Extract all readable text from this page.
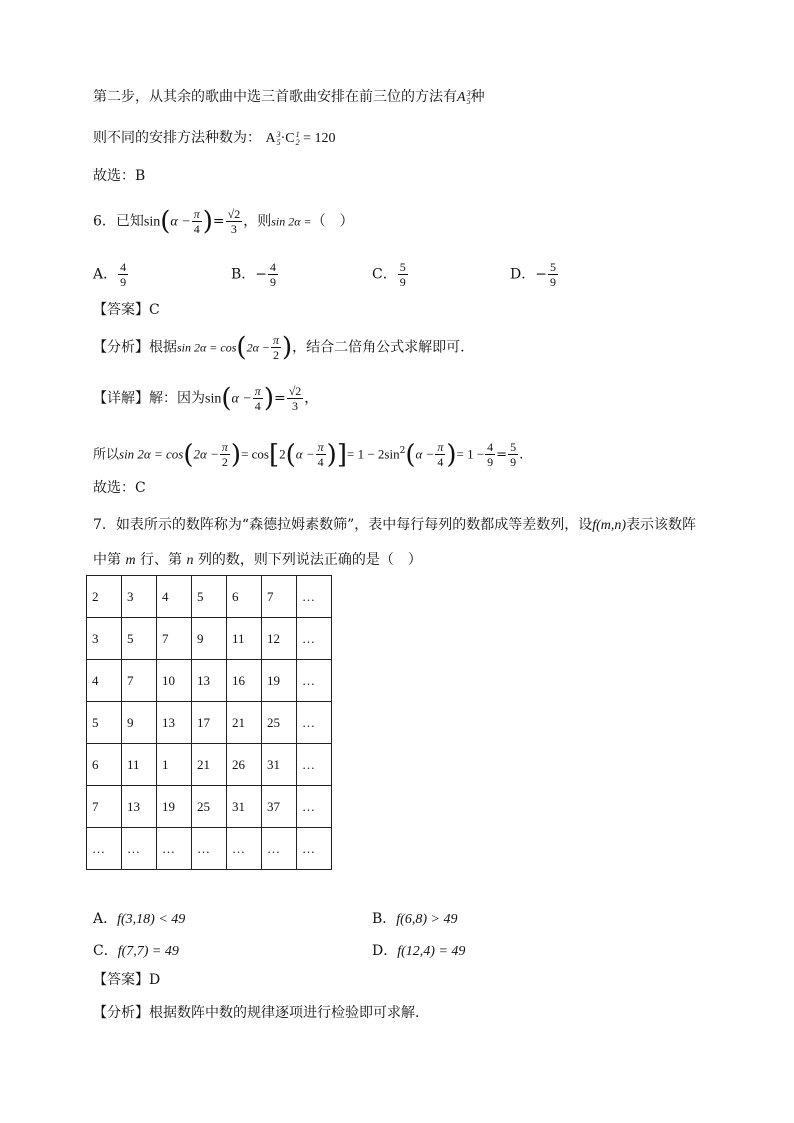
第二步，从其余的歌曲中选三首歌曲安排在前三位的方法有A 3
5 种
则不同的安排方法种数为： A 3
5 ·C 1
2 = 120
故选：B
6．已知$\sin(\alpha - \frac{\pi}{4}$ )= $\frac{√2}{3}$ ，则sin 2α =（　）
A． $\frac{4}{9}$	B．− $\frac{4}{9}$	C． $\frac{5}{9}$	D．− $\frac{5}{9}$
【答案】C
【分析】根据$\sin 2\alpha = \cos(2\alpha - \frac{\pi}{2}$ )，结合二倍角公式求解即可.
【详解】解：因为$\sin(\alpha - \frac{\pi}{4}$ )= $\frac{√2}{3}$ ，
所以$\sin 2\alpha = \cos(2\alpha - \frac{\pi}{2}$ )= $\cos[2(\alpha - \frac{\pi}{4}$ )]= $1 - 2\sin^2(\alpha - \frac{\pi}{4}$ )= $1 - \frac{4}{9} = \frac{5}{9}$ .
故选：C
7．如表所示的数阵称为“森德拉姆素数筛”，表中每行每列的数都成等差数列，设f(m,n)表示该数阵
中第 m 行、第 n 列的数，则下列说法正确的是（　）
2	3	4	5	6	7	…
3	5	7	9	11	12	…
4	7	10	13	16	19	…
5	9	13	17	21	25	…
6	11	1	21	26	31	…
7	13	19	25	31	37	…
…	…	…	…	…	…	…
A．f(3,18) < 49	B．f(6,8) > 49
C．f(7,7) = 49	D．f(12,4) = 49
【答案】D
【分析】根据数阵中数的规律逐项进行检验即可求解.
